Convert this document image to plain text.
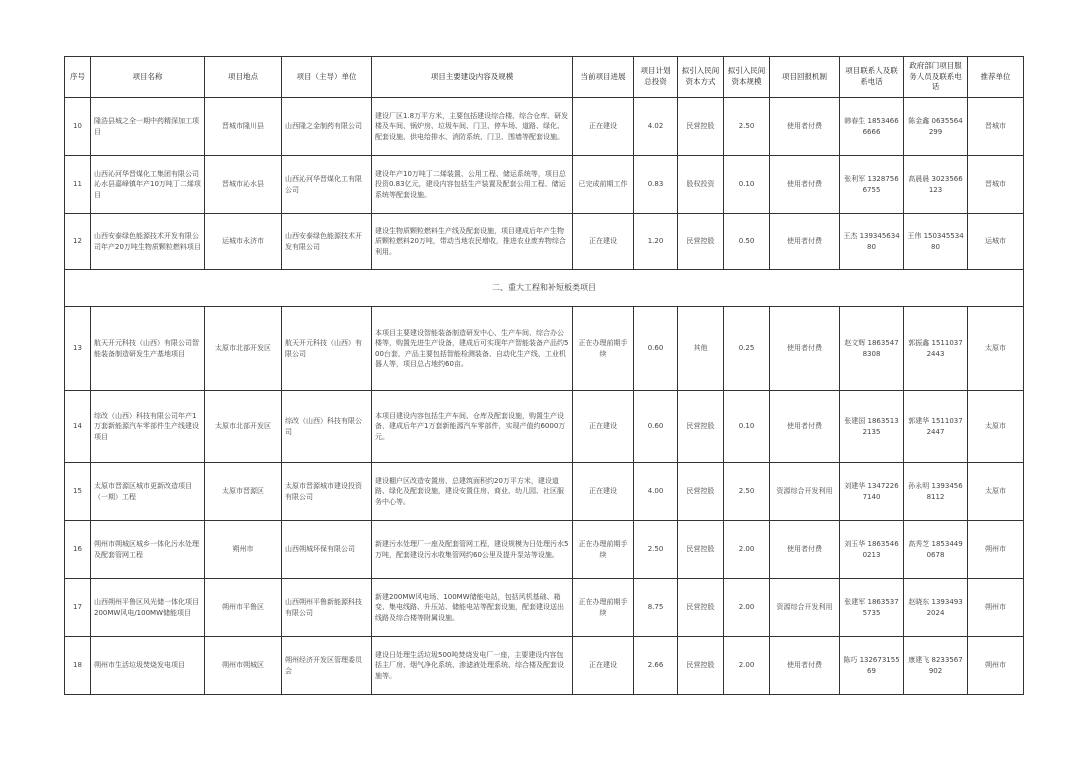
序号	项目名称	项目地点	项目（主导）单位	项目主要建设内容及规模	当前项目进展	项目计划总投资	拟引入民间资本方式	拟引入民间资本规模	项目回报机制	项目联系人及联系电话	政府部门项目服务人员及联系电话	推荐单位
10	隆浩县城之全一期中药精深加工项目	晋城市隆川县	山西隆之金制药有限公司	建设厂区1.8万平方米，主要包括建设综合楼、综合仓库、研发楼及车间、锅炉房、垃圾车间、门卫、停车场、道路、绿化、配套设施、供电给排水、消防系统、门卫、围墙等配套设施。	正在建设	4.02	民营控股	2.50	使用者付费	韩春生 18534666666	陈金鑫 0635564299	晋城市
11	山西沁河华晋煤化工集团有限公司沁水县嘉峰镇年产10万吨丁二烯项目	晋城市沁水县	山西沁河华晋煤化工有限公司	建设年产10万吨丁二烯装置、公用工程、储运系统等，项目总投资0.83亿元，建设内容包括生产装置及配套公用工程、储运系统等配套设施。	已完成前期工作	0.83	股权投资	0.10	使用者付费	张利军 13287566755	高晨晨 3023566123	晋城市
12	山西安泰绿色能源技术开发有限公司年产20万吨生物质颗粒燃料项目	运城市永济市	山西安泰绿色能源技术开发有限公司	建设生物质颗粒燃料生产线及配套设施，项目建成后年产生物质颗粒燃料20万吨，带动当地农民增收，推进农业废弃物综合利用。	正在建设	1.20	民营控股	0.50	使用者付费	王杰 13934563480	王伟 15034553480	运城市
二、重大工程和补短板类项目												
13	航天开元科技（山西）有限公司智能装备制造研发生产基地项目	太原市北部开发区	航天开元科技（山西）有限公司	本项目主要建设智能装备制造研发中心、生产车间、综合办公楼等，购置先进生产设备，建成后可实现年产智能装备产品约500台套，产品主要包括智能检测装备、自动化生产线、工业机器人等，项目总占地约60亩。	正在办理前期手续	0.60	其他	0.25	使用者付费	赵文辉 18635478308	郭振鑫 15110372443	太原市
14	综改（山西）科技有限公司年产1万套新能源汽车零部件生产线建设项目	太原市北部开发区	综改（山西）科技有限公司	本项目建设内容包括生产车间、仓库及配套设施，购置生产设备，建成后年产1万套新能源汽车零部件，实现产值约6000万元。	正在建设	0.60	民营控股	0.10	使用者付费	张建国 18635132135	郭建华 15110372447	太原市
15	太原市晋源区城市更新改造项目（一期）工程	太原市晋源区	太原市晋源城市建设投资有限公司	建设棚户区改造安置房，总建筑面积约20万平方米，建设道路、绿化及配套设施，建设安置住房、商业、幼儿园、社区服务中心等。	正在建设	4.00	民营控股	2.50	资源综合开发利用	刘建华 13472267140	孙永明 13934568112	太原市
16	朔州市朔城区城乡一体化污水处理及配套管网工程	朔州市	山西朔城环保有限公司	新建污水处理厂一座及配套管网工程，建设规模为日处理污水5万吨，配套建设污水收集管网约60公里及提升泵站等设施。	正在办理前期手续	2.50	民营控股	2.00	使用者付费	刘玉华 18635460213	高秀芝 18534490678	朔州市
17	山西朔州平鲁区风光储一体化项目200MW风电/100MW储能项目	朔州市平鲁区	山西朔州平鲁新能源科技有限公司	新建200MW风电场、100MW储能电站，包括风机基础、箱变、集电线路、升压站、储能电站等配套设施，配套建设送出线路及综合楼等附属设施。	正在办理前期手续	8.75	民营控股	2.00	资源综合开发利用	张建军 18635375735	赵晓东 13934932024	朔州市
18	朔州市生活垃圾焚烧发电项目	朔州市朔城区	朔州经济开发区管理委员会	建设日处理生活垃圾500吨焚烧发电厂一座，主要建设内容包括主厂房、烟气净化系统、渗滤液处理系统、综合楼及配套设施等。	正在建设	2.66	民营控股	2.00	使用者付费	陈巧 13267315569	康建飞 8233567902	朔州市
